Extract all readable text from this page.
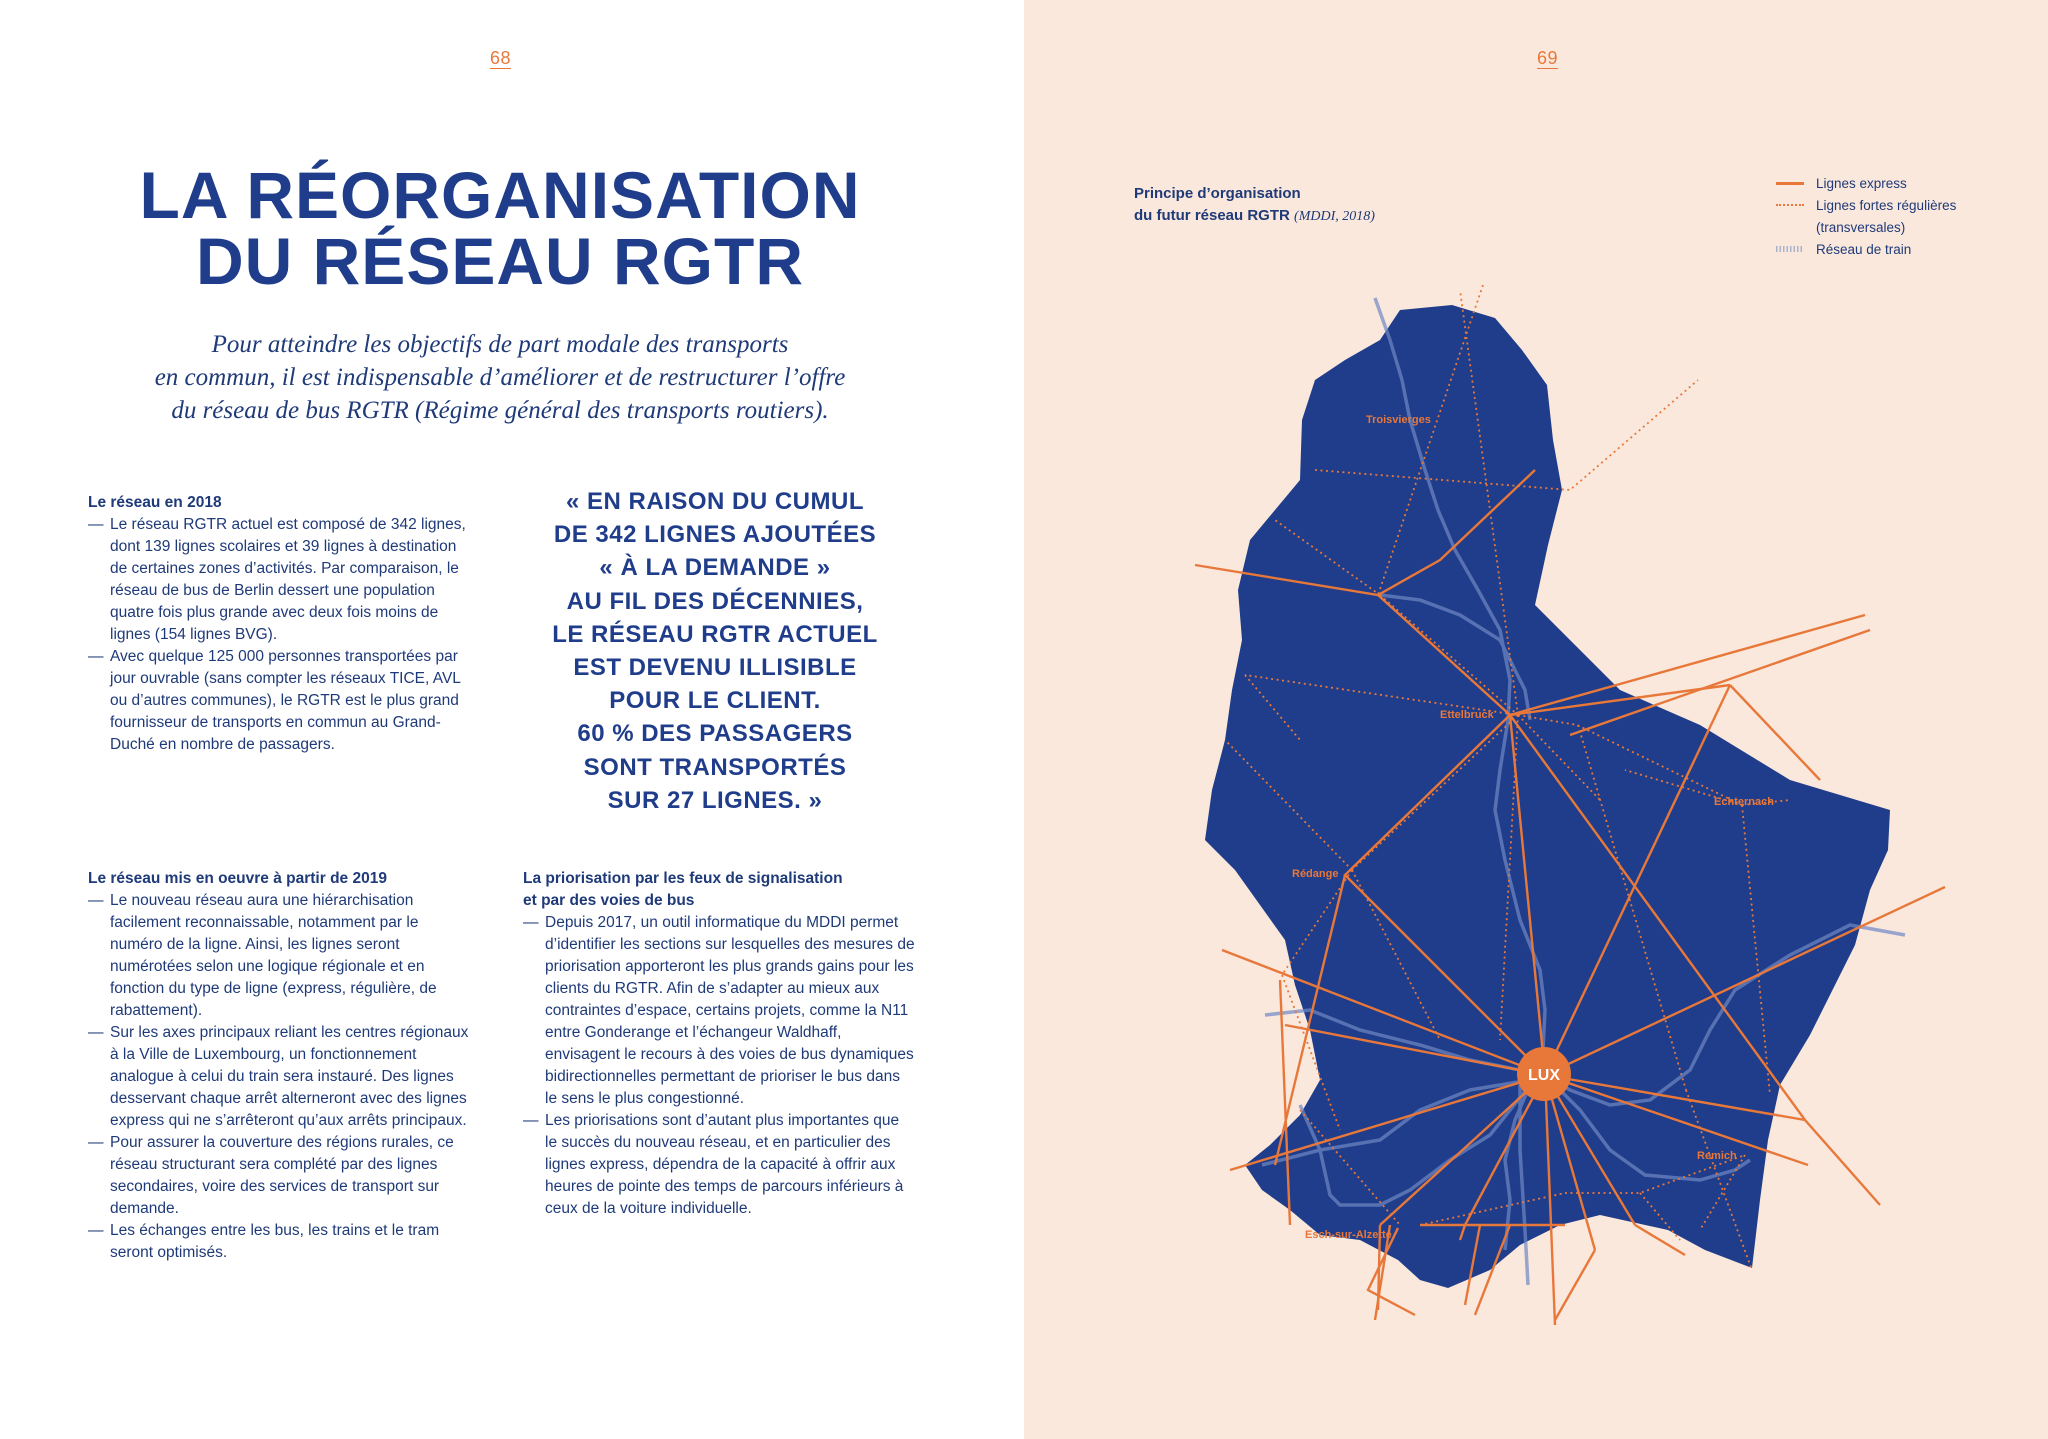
68
LA RÉORGANISATION
DU RÉSEAU RGTR

Pour atteindre les objectifs de part modale des transports
en commun, il est indispensable d’améliorer et de restructurer l’offre
du réseau de bus RGTR (Régime général des transports routiers).

Le réseau en 2018
— Le réseau RGTR actuel est composé de 342 lignes, dont 139 lignes scolaires et 39 lignes à destination de certaines zones d’activités. Par comparaison, le réseau de bus de Berlin dessert une population quatre fois plus grande avec deux fois moins de lignes (154 lignes BVG).
— Avec quelque 125 000 personnes transportées par jour ouvrable (sans compter les réseaux TICE, AVL ou d’autres communes), le RGTR est le plus grand fournisseur de transports en commun au Grand-Duché en nombre de passagers.
« EN RAISON DU CUMUL
DE 342 LIGNES AJOUTÉES
« À LA DEMANDE »
AU FIL DES DÉCENNIES,
LE RÉSEAU RGTR ACTUEL
EST DEVENU ILLISIBLE
POUR LE CLIENT.
60 % DES PASSAGERS
SONT TRANSPORTÉS
SUR 27 LIGNES. »
Le réseau mis en oeuvre à partir de 2019
— Le nouveau réseau aura une hiérarchisation facilement reconnaissable, notamment par le numéro de la ligne. Ainsi, les lignes seront numérotées selon une logique régionale et en fonction du type de ligne (express, régulière, de rabattement).
— Sur les axes principaux reliant les centres régionaux à la Ville de Luxembourg, un fonctionnement analogue à celui du train sera instauré. Des lignes desservant chaque arrêt alterneront avec des lignes express qui ne s’arrêteront qu’aux arrêts principaux.
— Pour assurer la couverture des régions rurales, ce réseau structurant sera complété par des lignes secondaires, voire des services de transport sur demande.
— Les échanges entre les bus, les trains et le tram seront optimisés.
La priorisation par les feux de signalisation
et par des voies de bus
— Depuis 2017, un outil informatique du MDDI permet d’identifier les sections sur lesquelles des mesures de priorisation apporteront les plus grands gains pour les clients du RGTR. Afin de s’adapter au mieux aux contraintes d’espace, certains projets, comme la N11 entre Gonderange et l’échangeur Waldhaff, envisagent le recours à des voies de bus dynamiques bidirectionnelles permettant de prioriser le bus dans le sens le plus congestionné.
— Les priorisations sont d’autant plus importantes que le succès du nouveau réseau, et en particulier des lignes express, dépendra de la capacité à offrir aux heures de pointe des temps de parcours inférieurs à ceux de la voiture individuelle.
69
Principe d’organisation
du futur réseau RGTR (MDDI, 2018)
Lignes express
Lignes fortes régulières
(transversales)
Réseau de train
Troisvierges
Ettelbruck
Echternach
Rédange
Remich
Esch-sur-Alzette
LUX
